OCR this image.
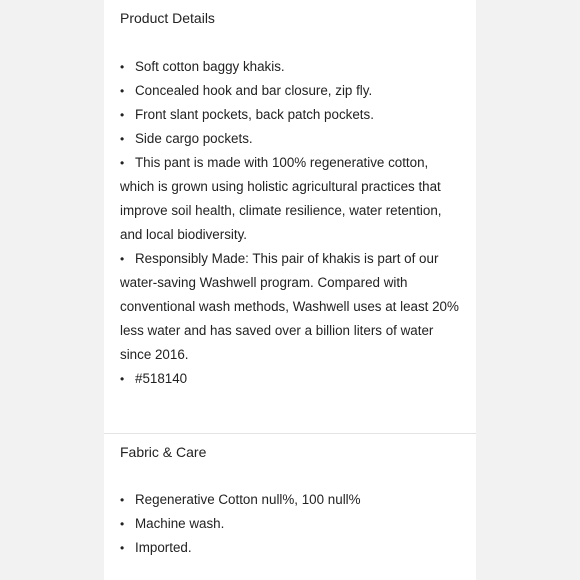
Product Details
• Soft cotton baggy khakis.
• Concealed hook and bar closure, zip fly.
• Front slant pockets, back patch pockets.
• Side cargo pockets.
• This pant is made with 100% regenerative cotton, which is grown using holistic agricultural practices that improve soil health, climate resilience, water retention, and local biodiversity.
• Responsibly Made: This pair of khakis is part of our water-saving Washwell program. Compared with conventional wash methods, Washwell uses at least 20% less water and has saved over a billion liters of water since 2016.
• #518140
Fabric & Care
• Regenerative Cotton null%, 100 null%
• Machine wash.
• Imported.
